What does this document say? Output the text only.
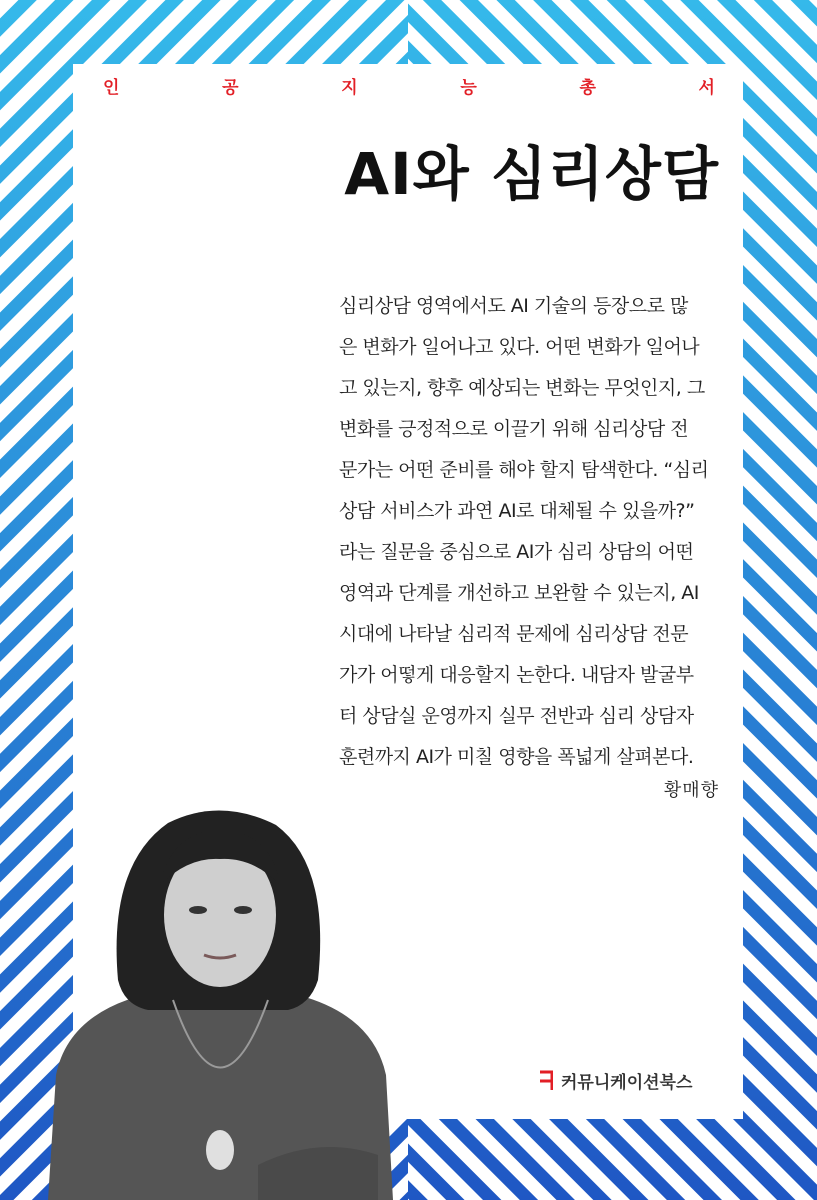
인	공	지	능	총	서
AI와 심리상담
심리상담 영역에서도 AI 기술의 등장으로 많
은 변화가 일어나고 있다. 어떤 변화가 일어나
고 있는지, 향후 예상되는 변화는 무엇인지, 그
변화를 긍정적으로 이끌기 위해 심리상담 전
문가는 어떤 준비를 해야 할지 탐색한다. “심리
상담 서비스가 과연 AI로 대체될 수 있을까?”
라는 질문을 중심으로 AI가 심리 상담의 어떤
영역과 단계를 개선하고 보완할 수 있는지, AI
시대에 나타날 심리적 문제에 심리상담 전문
가가 어떻게 대응할지 논한다. 내담자 발굴부
터 상담실 운영까지 실무 전반과 심리 상담자
훈련까지 AI가 미칠 영향을 폭넓게 살펴본다.
황매향
커뮤니케이션북스
